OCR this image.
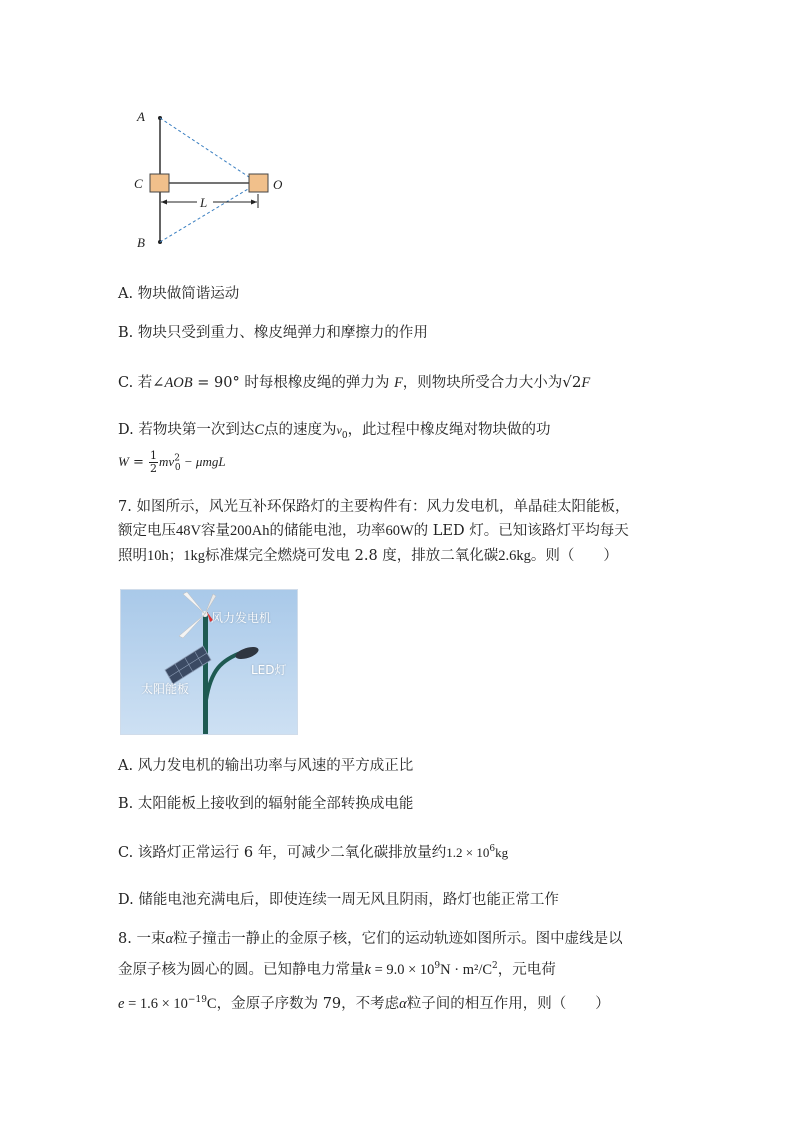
A
C	O
B
L
A. 物块做简谐运动
B. 物块只受到重力、橡皮绳弹力和摩擦力的作用
C. 若∠AOB = 90° 时每根橡皮绳的弹力为 F，则物块所受合力大小为√2F
D. 若物块第一次到达C点的速度为$v_0$，此过程中橡皮绳对物块做的功
$W = \frac{1}{2} mv^2_0 - \mu mgL$
7. 如图所示，风光互补环保路灯的主要构件有：风力发电机，单晶硅太阳能板，
额定电压48V容量200Ah的储能电池，功率60W的 LED 灯。已知该路灯平均每天
照明10h；1kg标准煤完全燃烧可发电 2.8 度，排放二氧化碳2.6kg。则（　　）
风力发电机
LED灯
太阳能板
A. 风力发电机的输出功率与风速的平方成正比
B. 太阳能板上接收到的辐射能全部转换成电能
C. 该路灯正常运行 6 年，可减少二氧化碳排放量约$1.2 \times 10^6kg$
D. 储能电池充满电后，即使连续一周无风且阴雨，路灯也能正常工作
8. 一束α粒子撞击一静止的金原子核，它们的运动轨迹如图所示。图中虚线是以
金原子核为圆心的圆。已知静电力常量$k = 9.0 \times 10^9N \cdot m^2/C^2$，元电荷
$e = 1.6 \times 10^{-19}C$，金原子序数为 79，不考虑α粒子间的相互作用，则（　　）
